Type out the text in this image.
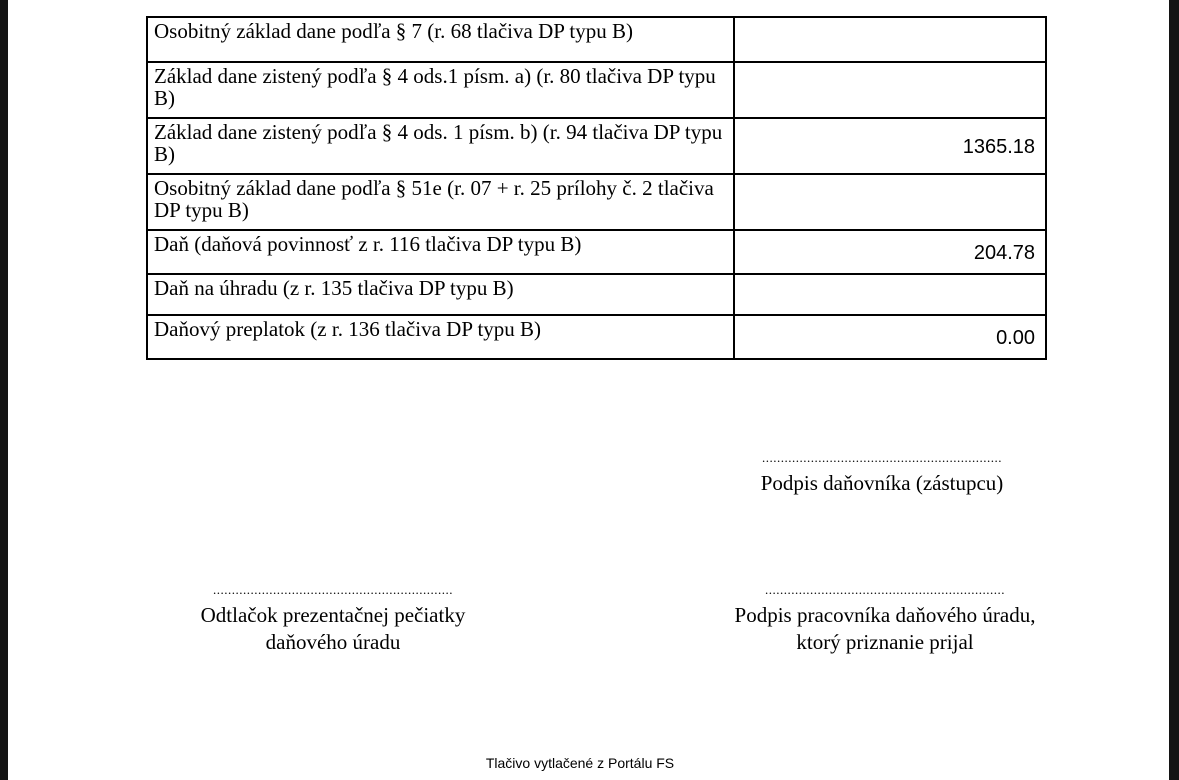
Osobitný základ dane podľa § 7 (r. 68 tlačiva DP typu B)	
Základ dane zistený podľa § 4 ods.1 písm. a) (r. 80 tlačiva DP typu B)	
Základ dane zistený podľa § 4 ods. 1 písm. b) (r. 94 tlačiva DP typu B)	1365.18
Osobitný základ dane podľa § 51e (r. 07 + r. 25 prílohy č. 2 tlačiva DP typu B)	
Daň (daňová povinnosť z r. 116 tlačiva DP typu B)	204.78
Daň na úhradu (z r. 135 tlačiva DP typu B)	
Daňový preplatok (z r. 136 tlačiva DP typu B)	0.00
................................................................
Podpis daňovníka (zástupcu)
................................................................
Odtlačok prezentačnej pečiatky daňového úradu
................................................................
Podpis pracovníka daňového úradu, ktorý priznanie prijal
Tlačivo vytlačené z Portálu FS
